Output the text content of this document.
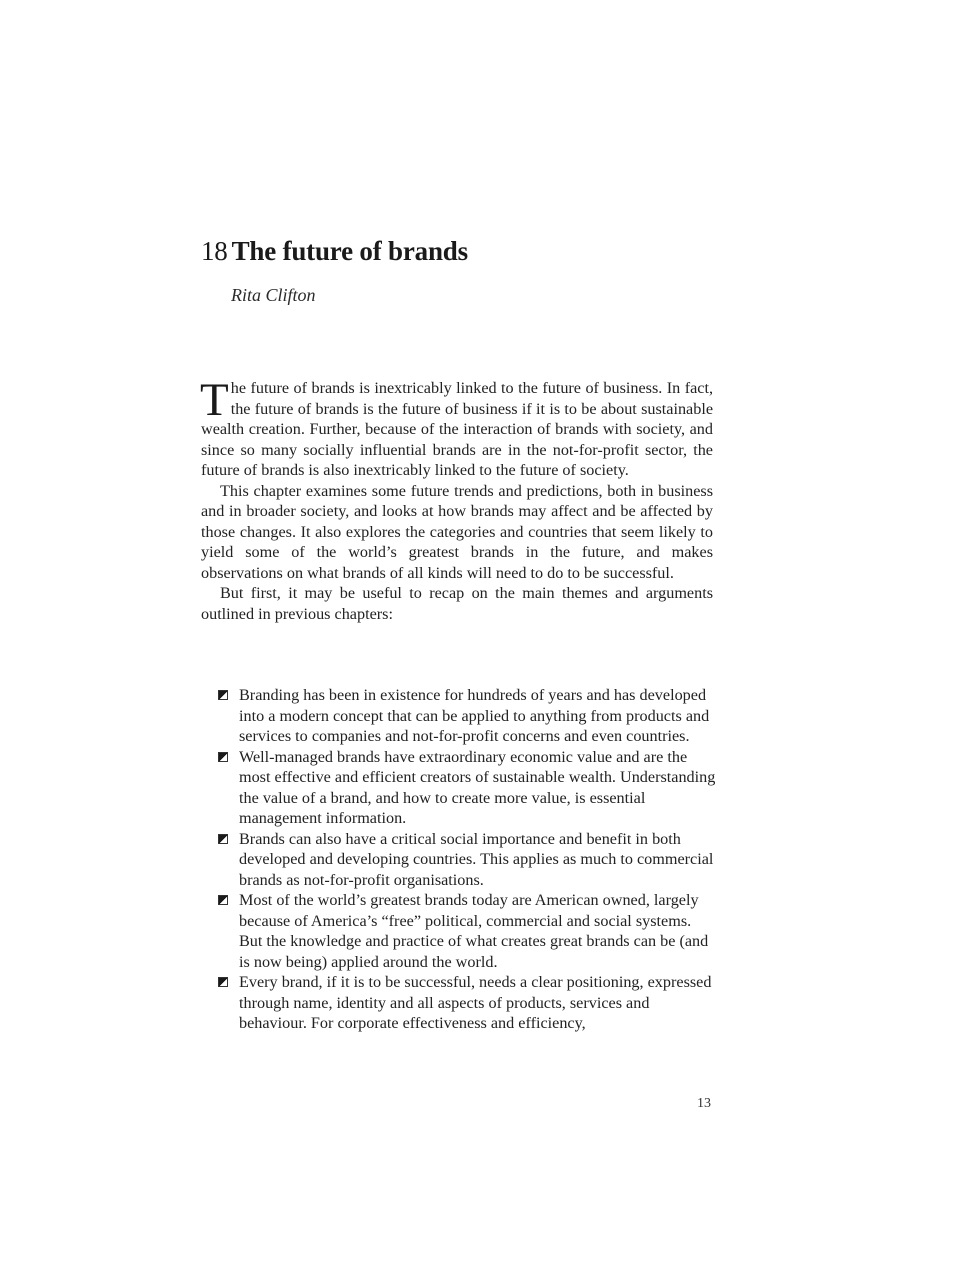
18 The future of brands
Rita Clifton

The future of brands is inextricably linked to the future of business. In fact, the future of brands is the future of business if it is to be about sustainable wealth creation. Further, because of the interaction of brands with society, and since so many socially influential brands are in the not-for-profit sector, the future of brands is also inextricably linked to the future of society.

This chapter examines some future trends and predictions, both in business and in broader society, and looks at how brands may affect and be affected by those changes. It also explores the categories and countries that seem likely to yield some of the world’s greatest brands in the future, and makes observations on what brands of all kinds will need to do to be successful.

But first, it may be useful to recap on the main themes and arguments outlined in previous chapters:

Branding has been in existence for hundreds of years and has developed into a modern concept that can be applied to anything from products and services to companies and not-for-profit concerns and even countries.
Well-managed brands have extraordinary economic value and are the most effective and efficient creators of sustainable wealth. Understanding the value of a brand, and how to create more value, is essential management information.
Brands can also have a critical social importance and benefit in both developed and developing countries. This applies as much to commercial brands as not-for-profit organisations.
Most of the world’s greatest brands today are American owned, largely because of America’s “free” political, commercial and social systems. But the knowledge and practice of what creates great brands can be (and is now being) applied around the world.
Every brand, if it is to be successful, needs a clear positioning, expressed through name, identity and all aspects of products, services and behaviour. For corporate effectiveness and efficiency,
13
